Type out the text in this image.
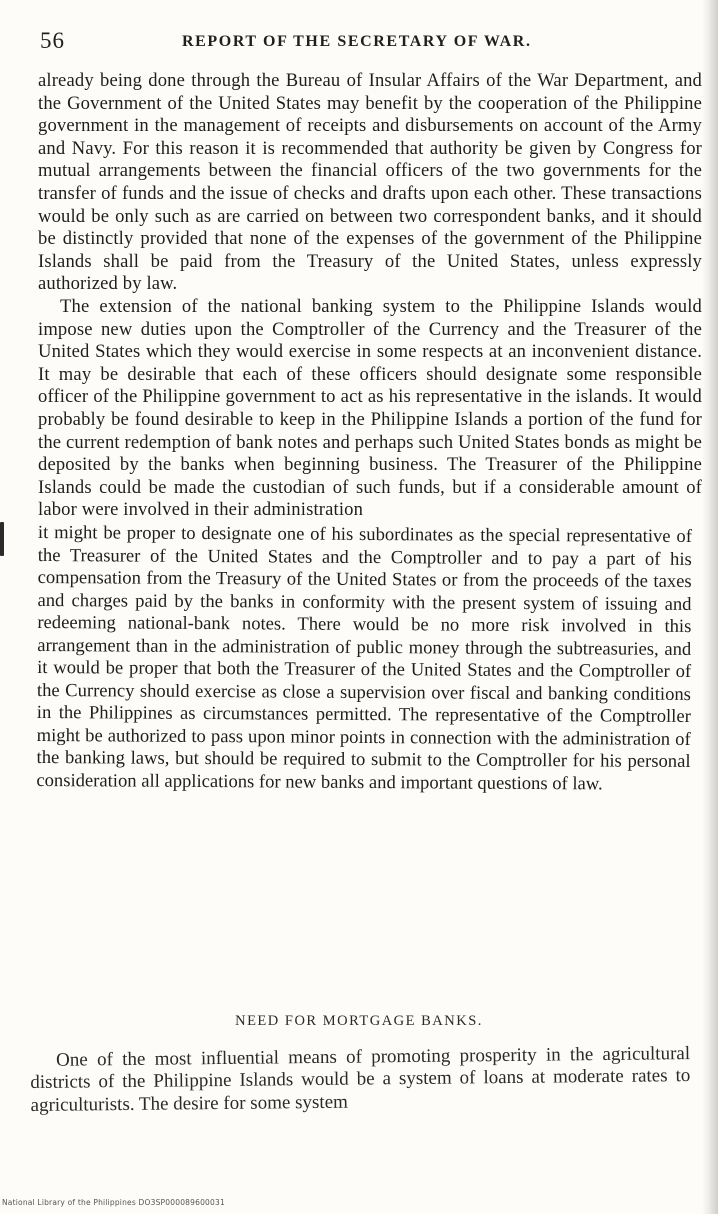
56	REPORT OF THE SECRETARY OF WAR.

already being done through the Bureau of Insular Affairs of the War Department, and the Government of the United States may benefit by the cooperation of the Philippine government in the management of receipts and disbursements on account of the Army and Navy. For this reason it is recommended that authority be given by Congress for mutual arrangements between the financial officers of the two governments for the transfer of funds and the issue of checks and drafts upon each other. These transactions would be only such as are carried on between two correspondent banks, and it should be distinctly provided that none of the expenses of the government of the Philippine Islands shall be paid from the Treasury of the United States, unless expressly authorized by law.

The extension of the national banking system to the Philippine Islands would impose new duties upon the Comptroller of the Currency and the Treasurer of the United States which they would exercise in some respects at an inconvenient distance. It may be desirable that each of these officers should designate some responsible officer of the Philippine government to act as his representative in the islands. It would probably be found desirable to keep in the Philippine Islands a portion of the fund for the current redemption of bank notes and perhaps such United States bonds as might be deposited by the banks when beginning business. The Treasurer of the Philippine Islands could be made the custodian of such funds, but if a considerable amount of labor were involved in their administration

it might be proper to designate one of his subordinates as the special representative of the Treasurer of the United States and the Comptroller and to pay a part of his compensation from the Treasury of the United States or from the proceeds of the taxes and charges paid by the banks in conformity with the present system of issuing and redeeming national-bank notes. There would be no more risk involved in this arrangement than in the administration of public money through the subtreasuries, and it would be proper that both the Treasurer of the United States and the Comptroller of the Currency should exercise as close a supervision over fiscal and banking conditions in the Philippines as circumstances permitted. The representative of the Comptroller might be authorized to pass upon minor points in connection with the administration of the banking laws, but should be required to submit to the Comptroller for his personal consideration all applications for new banks and important questions of law.

NEED FOR MORTGAGE BANKS.

One of the most influential means of promoting prosperity in the agricultural districts of the Philippine Islands would be a system of loans at moderate rates to agriculturists. The desire for some system

National Library of the Philippines DO3SP000089600031
